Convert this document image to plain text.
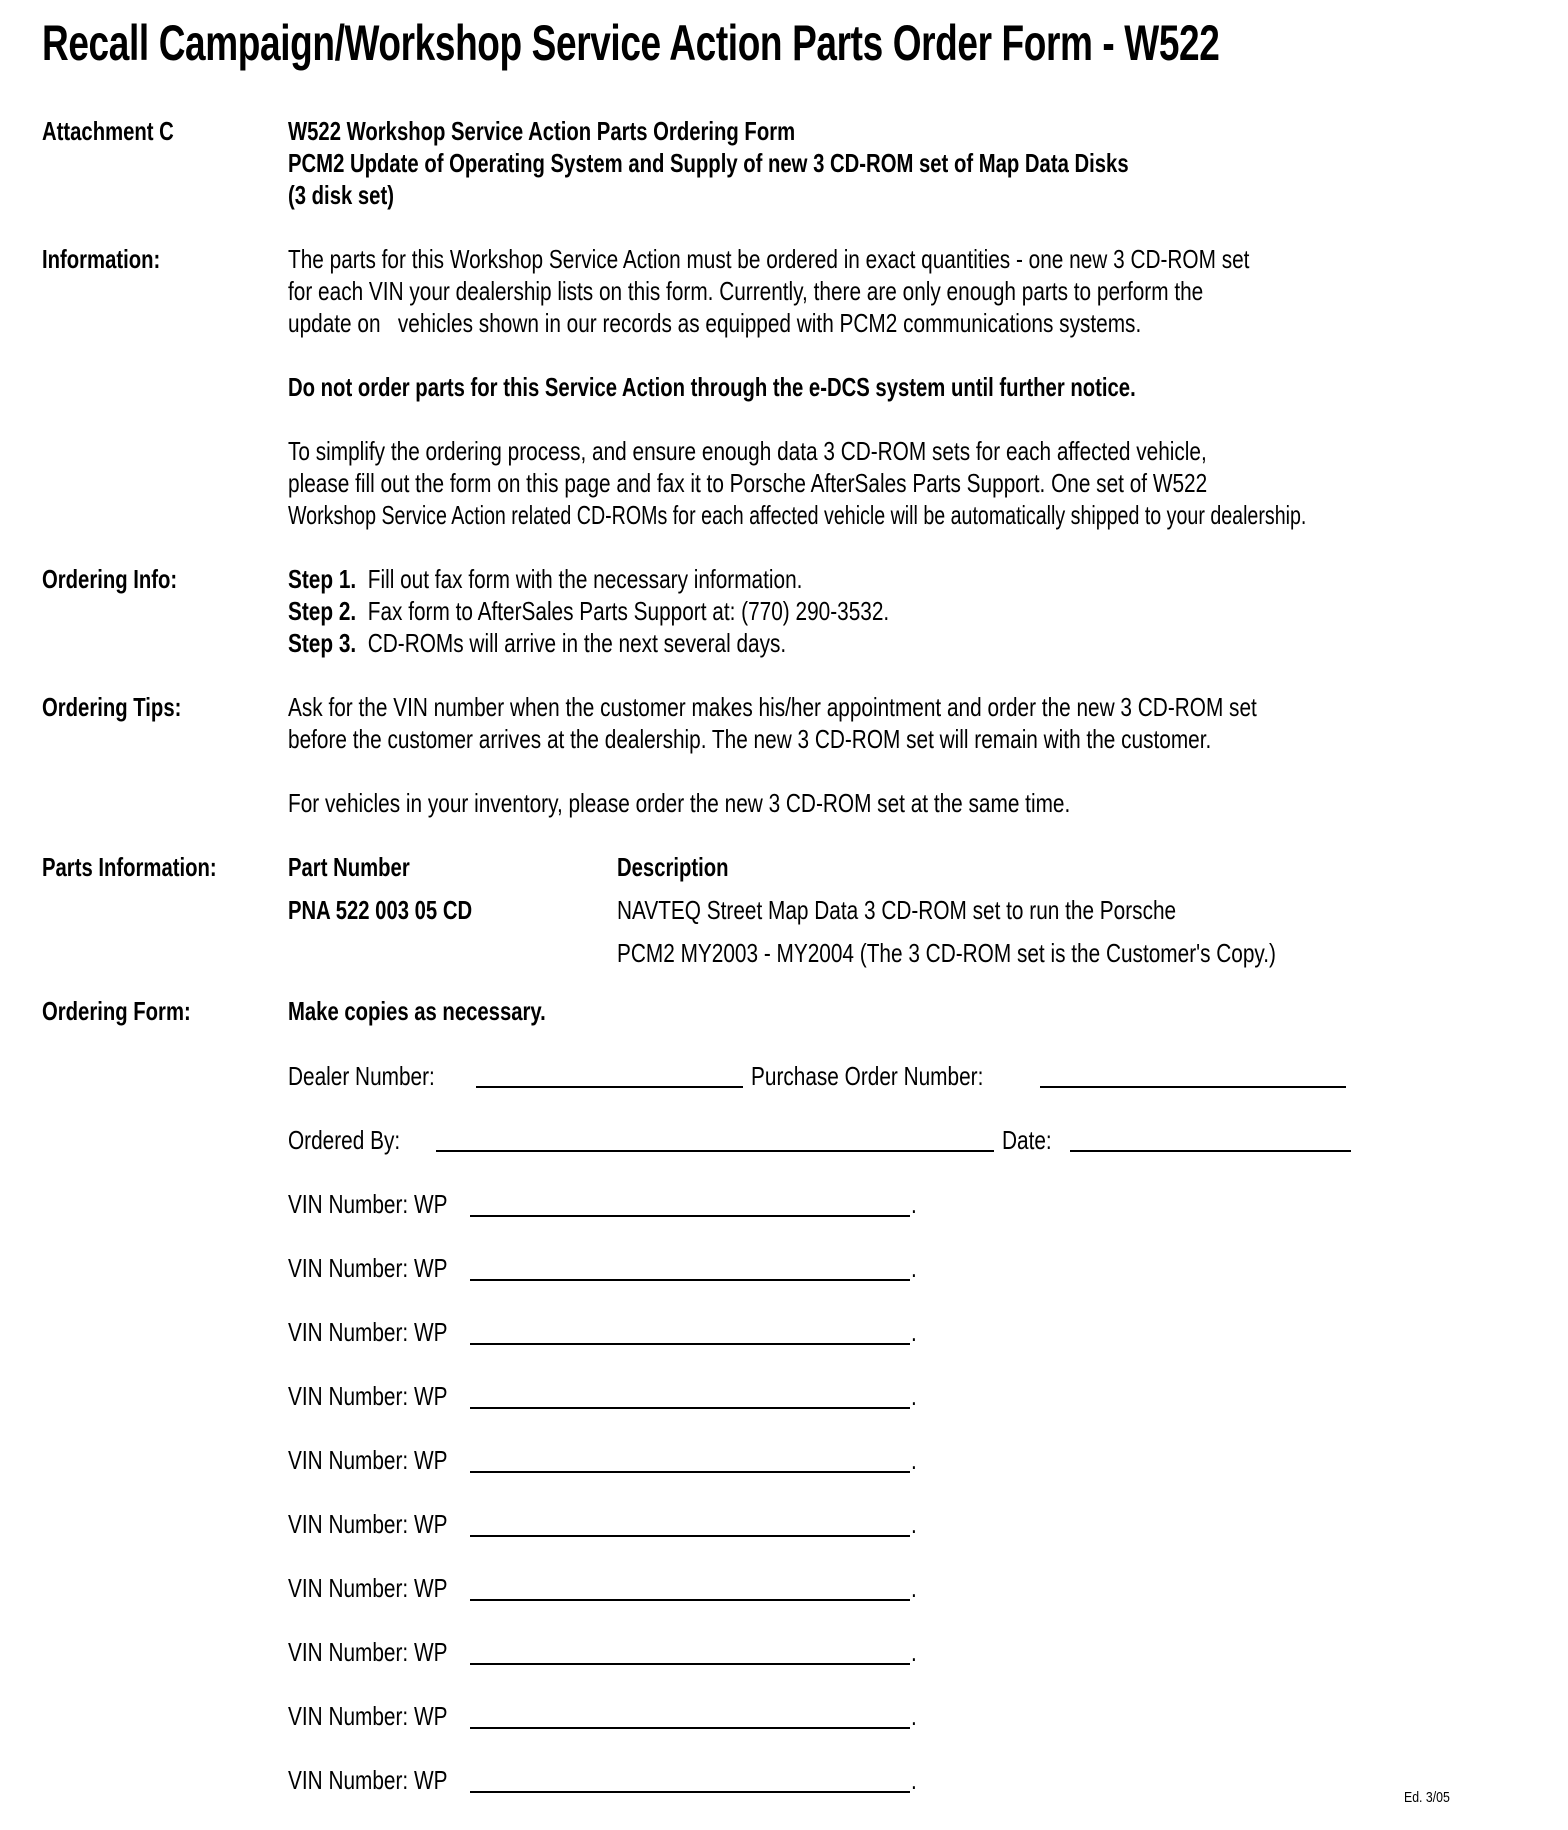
Recall Campaign/Workshop Service Action Parts Order Form - W522
Attachment C	W522 Workshop Service Action Parts Ordering Form
PCM2 Update of Operating System and Supply of new 3 CD-ROM set of Map Data Disks
(3 disk set)
Information:	The parts for this Workshop Service Action must be ordered in exact quantities - one new 3 CD-ROM set
for each VIN your dealership lists on this form. Currently, there are only enough parts to perform the
update on   vehicles shown in our records as equipped with PCM2 communications systems.
Do not order parts for this Service Action through the e-DCS system until further notice.
To simplify the ordering process, and ensure enough data 3 CD-ROM sets for each affected vehicle,
please fill out the form on this page and fax it to Porsche AfterSales Parts Support. One set of W522
Workshop Service Action related CD-ROMs for each affected vehicle will be automatically shipped to your dealership.
Ordering Info:	Step 1. Fill out fax form with the necessary information.
Step 2. Fax form to AfterSales Parts Support at: (770) 290-3532.
Step 3. CD-ROMs will arrive in the next several days.
Ordering Tips:	Ask for the VIN number when the customer makes his/her appointment and order the new 3 CD-ROM set
before the customer arrives at the dealership. The new 3 CD-ROM set will remain with the customer.
For vehicles in your inventory, please order the new 3 CD-ROM set at the same time.
Parts Information:	Part Number	Description
PNA 522 003 05 CD	NAVTEQ Street Map Data 3 CD-ROM set to run the Porsche
PCM2 MY2003 - MY2004 (The 3 CD-ROM set is the Customer's Copy.)
Ordering Form:	Make copies as necessary.
Dealer Number:	Purchase Order Number:
Ordered By:	Date:
VIN Number: WP	.
VIN Number: WP	.
VIN Number: WP	.
VIN Number: WP	.
VIN Number: WP	.
VIN Number: WP	.
VIN Number: WP	.
VIN Number: WP	.
VIN Number: WP	.
VIN Number: WP	.
Ed. 3/05
